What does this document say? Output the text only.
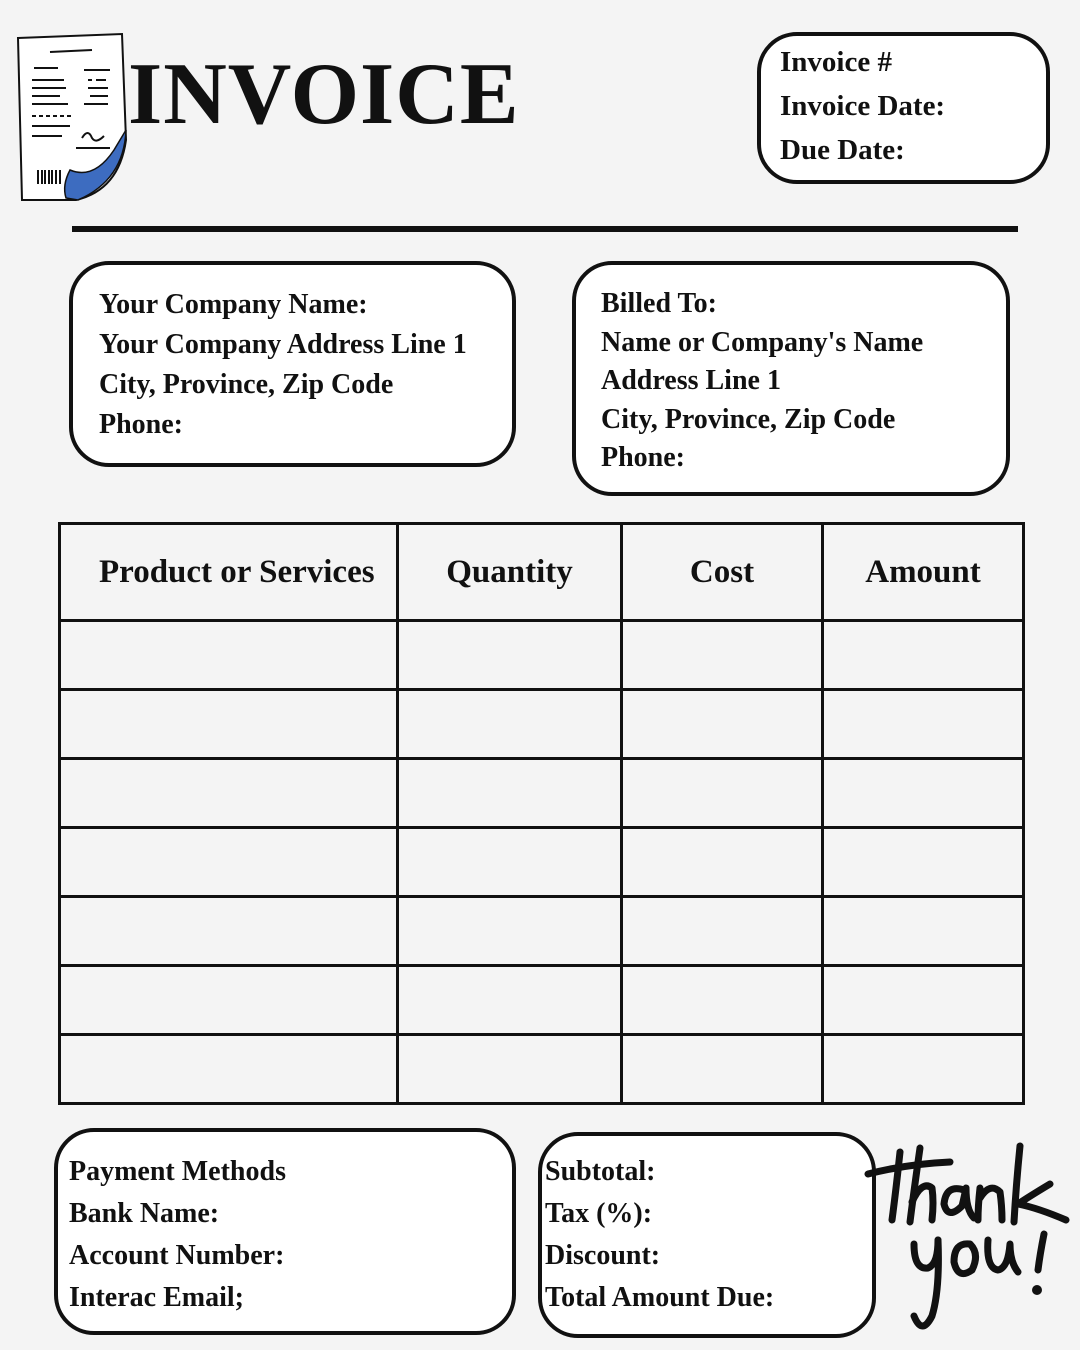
INVOICE	Invoice #
Invoice Date:
Due Date:
Your Company Name:
Your Company Address Line 1
City, Province, Zip Code
Phone:
Billed To:
Name or Company's Name
Address Line 1
City, Province, Zip Code
Phone:
Product or Services	Quantity	Cost	Amount

Payment Methods
Bank Name:
Account Number:
Interac Email;
Subtotal:
Tax (%):
Discount:
Total Amount Due:
